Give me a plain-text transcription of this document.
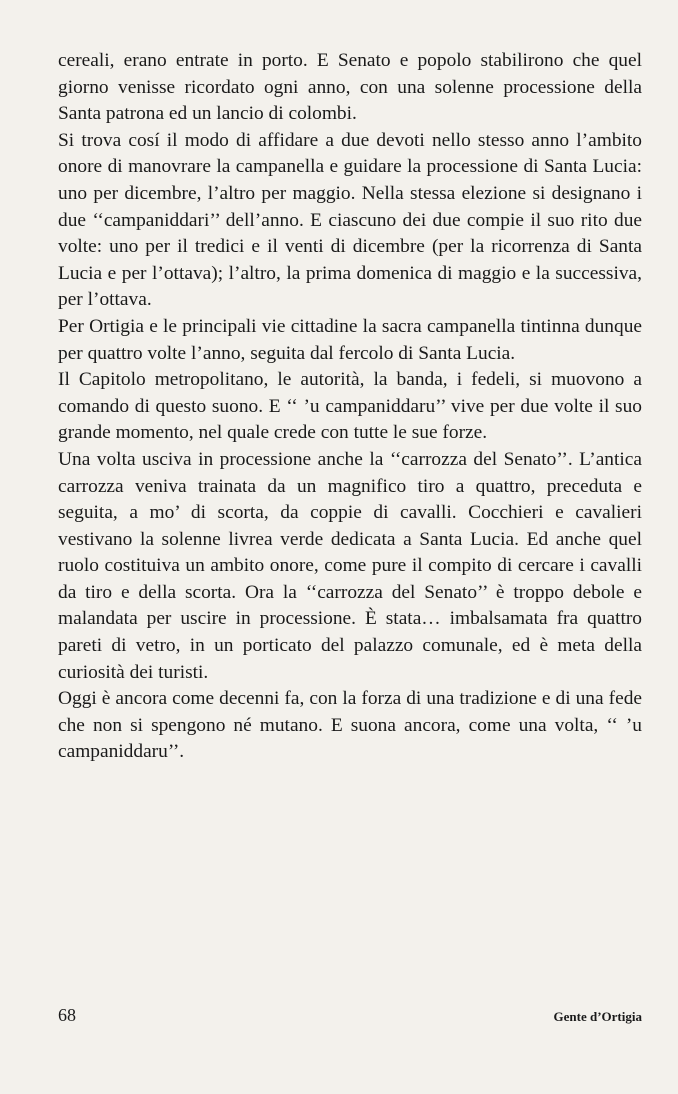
cereali, erano entrate in porto. E Senato e popolo stabilirono che quel giorno venisse ricordato ogni anno, con una solenne processione della Santa patrona ed un lancio di colombi.

Si trova cosí il modo di affidare a due devoti nello stesso anno l’ambito onore di manovrare la campanella e guidare la processione di Santa Lucia: uno per dicembre, l’altro per maggio. Nella stessa elezione si designano i due ‘‘campaniddari’’ dell’anno. E ciascuno dei due compie il suo rito due volte: uno per il tredici e il venti di dicembre (per la ricorrenza di Santa Lucia e per l’ottava); l’altro, la prima domenica di maggio e la successiva, per l’ottava.

Per Ortigia e le principali vie cittadine la sacra campanella tintinna dunque per quattro volte l’anno, seguita dal fercolo di Santa Lucia.

Il Capitolo metropolitano, le autorità, la banda, i fedeli, si muovono a comando di questo suono. E ‘‘ ’u campaniddaru’’ vive per due volte il suo grande momento, nel quale crede con tutte le sue forze.

Una volta usciva in processione anche la ‘‘carrozza del Senato’’. L’antica carrozza veniva trainata da un magnifico tiro a quattro, preceduta e seguita, a mo’ di scorta, da coppie di cavalli. Cocchieri e cavalieri vestivano la solenne livrea verde dedicata a Santa Lucia. Ed anche quel ruolo costituiva un ambito onore, come pure il compito di cercare i cavalli da tiro e della scorta. Ora la ‘‘carrozza del Senato’’ è troppo debole e malandata per uscire in processione. È stata… imbalsamata fra quattro pareti di vetro, in un porticato del palazzo comunale, ed è meta della curiosità dei turisti.

Oggi è ancora come decenni fa, con la forza di una tradizione e di una fede che non si spengono né mutano. E suona ancora, come una volta, ‘‘ ’u campaniddaru’’.

68	Gente d’Ortigia
